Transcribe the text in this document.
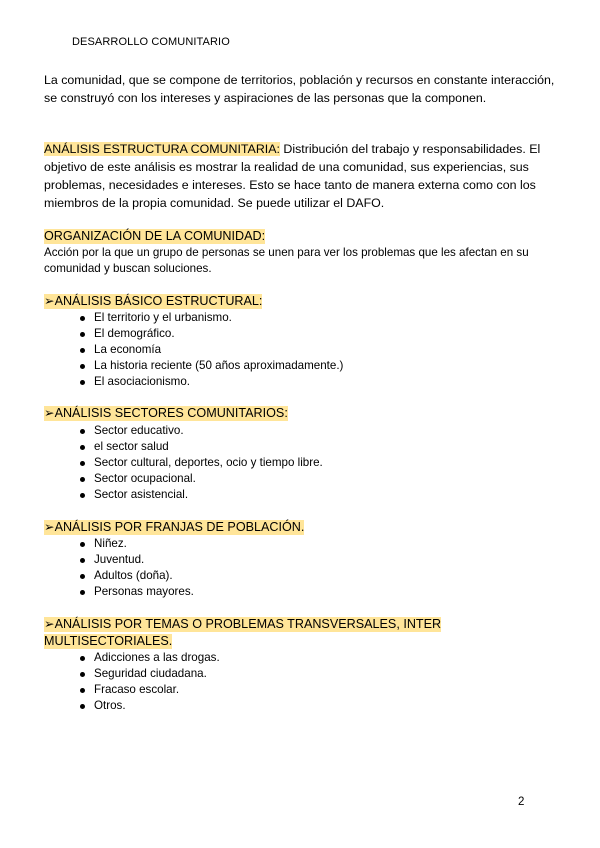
DESARROLLO COMUNITARIO
La comunidad, que se compone de territorios, población y recursos en constante interacción, se construyó con los intereses y aspiraciones de las personas que la componen.
ANÁLISIS ESTRUCTURA COMUNITARIA: Distribución del trabajo y responsabilidades. El objetivo de este análisis es mostrar la realidad de una comunidad, sus experiencias, sus problemas, necesidades e intereses. Esto se hace tanto de manera externa como con los miembros de la propia comunidad. Se puede utilizar el DAFO.
ORGANIZACIÓN DE LA COMUNIDAD:
Acción por la que un grupo de personas se unen para ver los problemas que les afectan en su comunidad y buscan soluciones.
➢ANÁLISIS BÁSICO ESTRUCTURAL:
El territorio y el urbanismo.
El demográfico.
La economía
La historia reciente (50 años aproximadamente.)
El asociacionismo.
➢ANÁLISIS SECTORES COMUNITARIOS:
Sector educativo.
el sector salud
Sector cultural, deportes, ocio y tiempo libre.
Sector ocupacional.
Sector asistencial.
➢ANÁLISIS POR FRANJAS DE POBLACIÓN.
Niñez.
Juventud.
Adultos (doña).
Personas mayores.
➢ANÁLISIS POR TEMAS O PROBLEMAS TRANSVERSALES, INTER MULTISECTORIALES.
Adicciones a las drogas.
Seguridad ciudadana.
Fracaso escolar.
Otros.
2
